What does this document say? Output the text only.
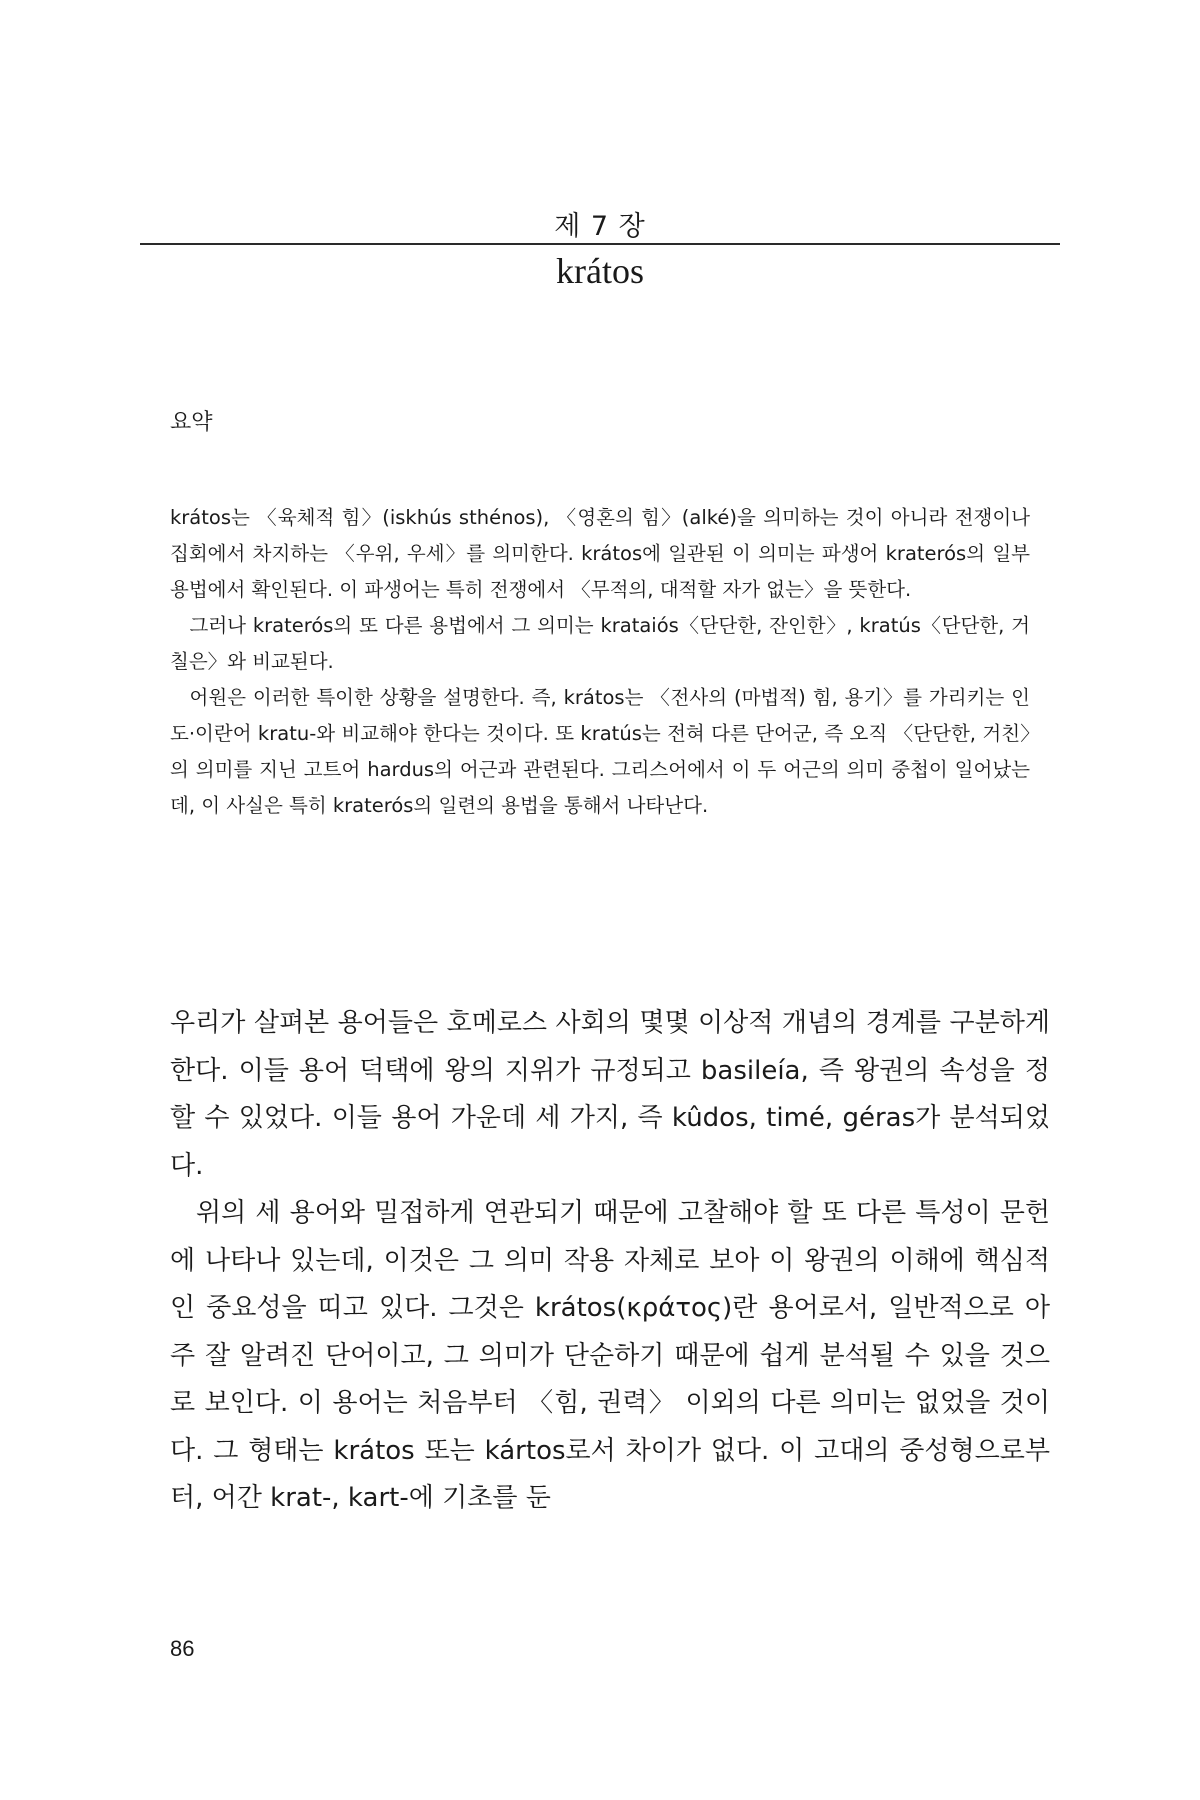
제 7 장
krátos
요약

krátos는 〈육체적 힘〉(iskhús sthénos), 〈영혼의 힘〉(alké)을 의미하는 것이 아니라 전쟁이나 집회에서 차지하는 〈우위, 우세〉를 의미한다. krátos에 일관된 이 의미는 파생어 kraterós의 일부 용법에서 확인된다. 이 파생어는 특히 전쟁에서 〈무적의, 대적할 자가 없는〉을 뜻한다.

그러나 kraterós의 또 다른 용법에서 그 의미는 krataiós〈단단한, 잔인한〉, kratús〈단단한, 거칠은〉와 비교된다.

어원은 이러한 특이한 상황을 설명한다. 즉, krátos는 〈전사의 (마법적) 힘, 용기〉를 가리키는 인도·이란어 kratu-와 비교해야 한다는 것이다. 또 kratús는 전혀 다른 단어군, 즉 오직 〈단단한, 거친〉의 의미를 지닌 고트어 hardus의 어근과 관련된다. 그리스어에서 이 두 어근의 의미 중첩이 일어났는데, 이 사실은 특히 kraterós의 일련의 용법을 통해서 나타난다.

우리가 살펴본 용어들은 호메로스 사회의 몇몇 이상적 개념의 경계를 구분하게 한다. 이들 용어 덕택에 왕의 지위가 규정되고 basileía, 즉 왕권의 속성을 정할 수 있었다. 이들 용어 가운데 세 가지, 즉 kûdos, timé, géras가 분석되었다.

위의 세 용어와 밀접하게 연관되기 때문에 고찰해야 할 또 다른 특성이 문헌에 나타나 있는데, 이것은 그 의미 작용 자체로 보아 이 왕권의 이해에 핵심적인 중요성을 띠고 있다. 그것은 krátos(κράτος)란 용어로서, 일반적으로 아주 잘 알려진 단어이고, 그 의미가 단순하기 때문에 쉽게 분석될 수 있을 것으로 보인다. 이 용어는 처음부터 〈힘, 권력〉 이외의 다른 의미는 없었을 것이다. 그 형태는 krátos 또는 kártos로서 차이가 없다. 이 고대의 중성형으로부터, 어간 krat-, kart-에 기초를 둔

86
